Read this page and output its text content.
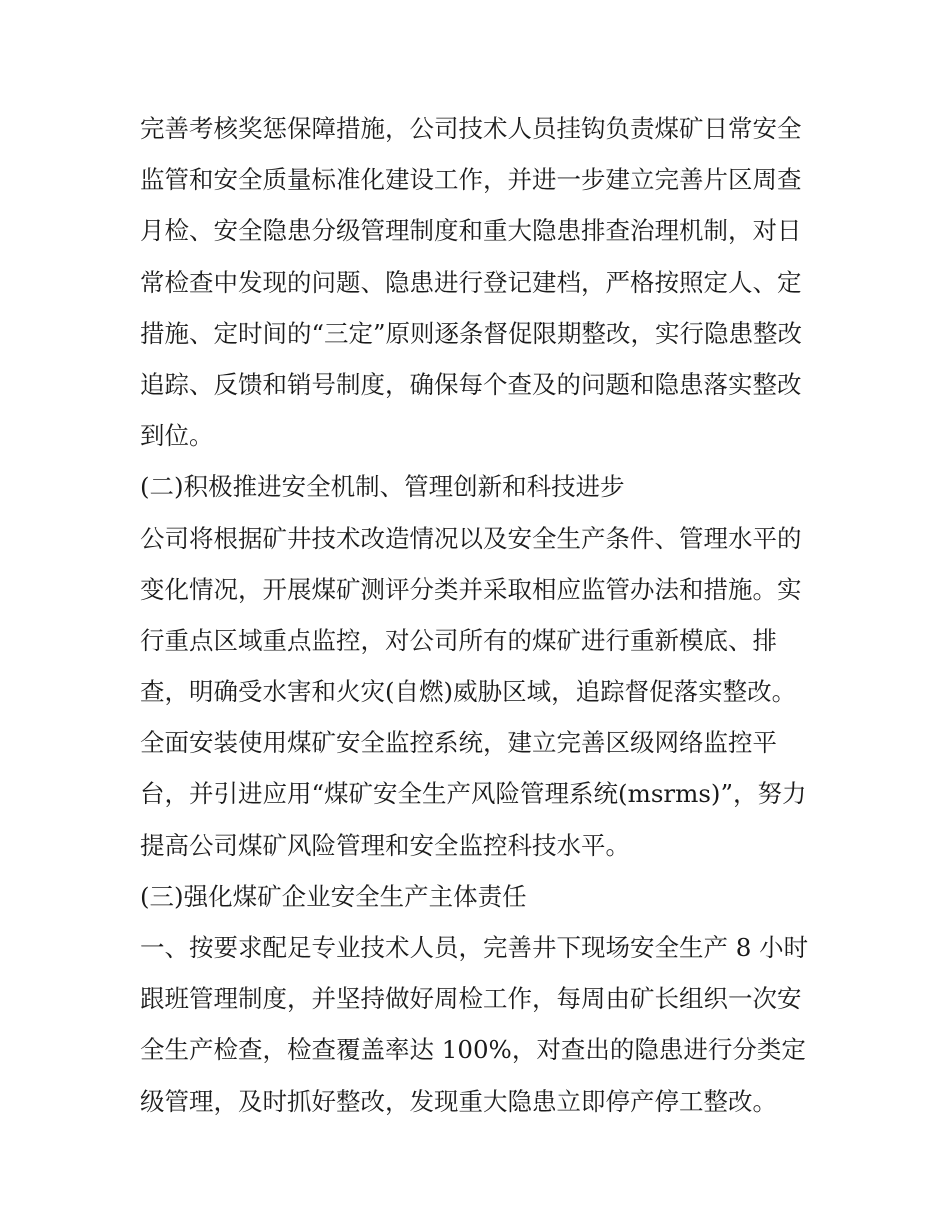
完善考核奖惩保障措施，公司技术人员挂钩负责煤矿日常安全
监管和安全质量标准化建设工作，并进一步建立完善片区周查
月检、安全隐患分级管理制度和重大隐患排查治理机制，对日
常检查中发现的问题、隐患进行登记建档，严格按照定人、定
措施、定时间的“三定”原则逐条督促限期整改，实行隐患整改
追踪、反馈和销号制度，确保每个查及的问题和隐患落实整改
到位。
(二)积极推进安全机制、管理创新和科技进步
公司将根据矿井技术改造情况以及安全生产条件、管理水平的
变化情况，开展煤矿测评分类并采取相应监管办法和措施。实
行重点区域重点监控，对公司所有的煤矿进行重新模底、排
查，明确受水害和火灾(自燃)威胁区域，追踪督促落实整改。
全面安装使用煤矿安全监控系统，建立完善区级网络监控平
台，并引进应用“煤矿安全生产风险管理系统(msrms)”，努力
提高公司煤矿风险管理和安全监控科技水平。
(三)强化煤矿企业安全生产主体责任
一、按要求配足专业技术人员，完善井下现场安全生产 8 小时
跟班管理制度，并坚持做好周检工作，每周由矿长组织一次安
全生产检查，检查覆盖率达 100%，对查出的隐患进行分类定
级管理，及时抓好整改，发现重大隐患立即停产停工整改。
